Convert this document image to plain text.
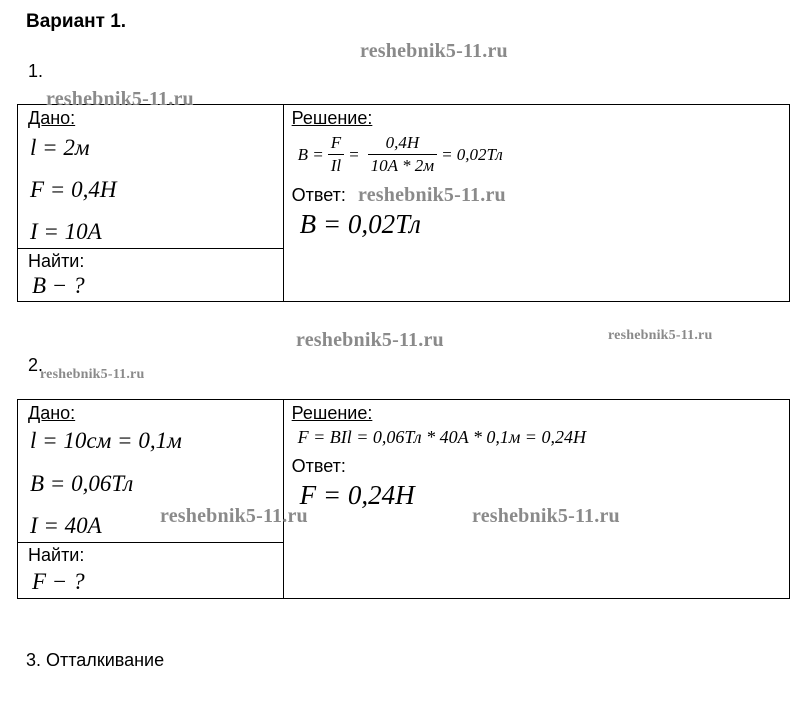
Вариант 1.
1.
Дано:
l = 2м
F = 0,4H
I = 10A

Решение:
$B = \frac{F}{Il} = \frac{0,4H}{10A * 2м} = 0,02Тл$
Ответ:
B = 0,02Тл

Найти:
B − ?
2.
Дано:
l = 10см = 0,1м
B = 0,06Тл
I = 40A

Решение:
F = BIl = 0,06Тл * 40A * 0,1м = 0,24Н
Ответ:
F = 0,24Н

Найти:
F − ?
3. Отталкивание
reshebnik5-11.ru
reshebnik5-11.ru
reshebnik5-11.ru
reshebnik5-11.ru	reshebnik5-11.ru
reshebnik5-11.ru
reshebnik5-11.ru	reshebnik5-11.ru
